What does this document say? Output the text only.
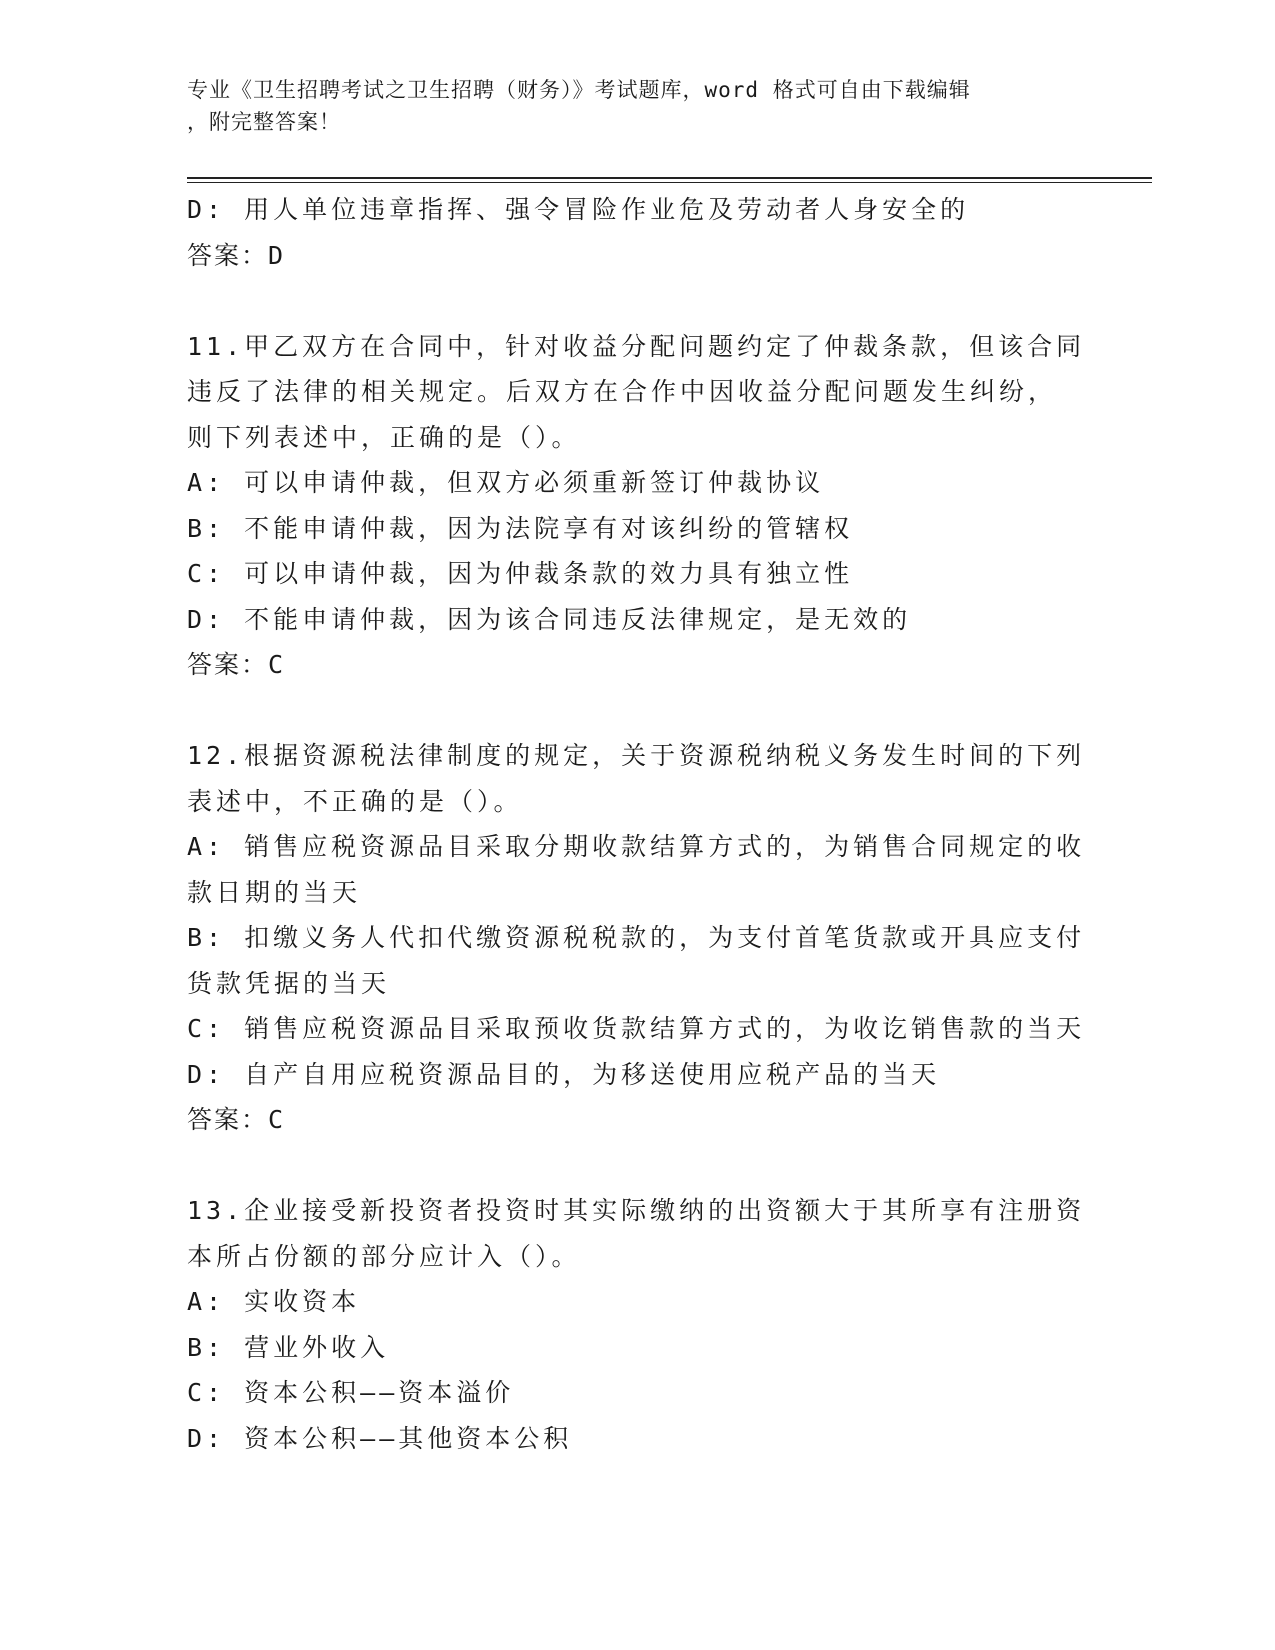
专业《卫生招聘考试之卫生招聘（财务）》考试题库，word 格式可自由下载编辑
，附完整答案！
D: 用人单位违章指挥、强令冒险作业危及劳动者人身安全的
答案：D
11.甲乙双方在合同中，针对收益分配问题约定了仲裁条款，但该合同
违反了法律的相关规定。后双方在合作中因收益分配问题发生纠纷，
则下列表述中，正确的是（）。
A: 可以申请仲裁，但双方必须重新签订仲裁协议
B: 不能申请仲裁，因为法院享有对该纠纷的管辖权
C: 可以申请仲裁，因为仲裁条款的效力具有独立性
D: 不能申请仲裁，因为该合同违反法律规定，是无效的
答案：C
12.根据资源税法律制度的规定，关于资源税纳税义务发生时间的下列
表述中，不正确的是（）。
A: 销售应税资源品目采取分期收款结算方式的，为销售合同规定的收
款日期的当天
B: 扣缴义务人代扣代缴资源税税款的，为支付首笔货款或开具应支付
货款凭据的当天
C: 销售应税资源品目采取预收货款结算方式的，为收讫销售款的当天
D: 自产自用应税资源品目的，为移送使用应税产品的当天
答案：C
13.企业接受新投资者投资时其实际缴纳的出资额大于其所享有注册资
本所占份额的部分应计入（）。
A: 实收资本
B: 营业外收入
C: 资本公积——资本溢价
D: 资本公积——其他资本公积
